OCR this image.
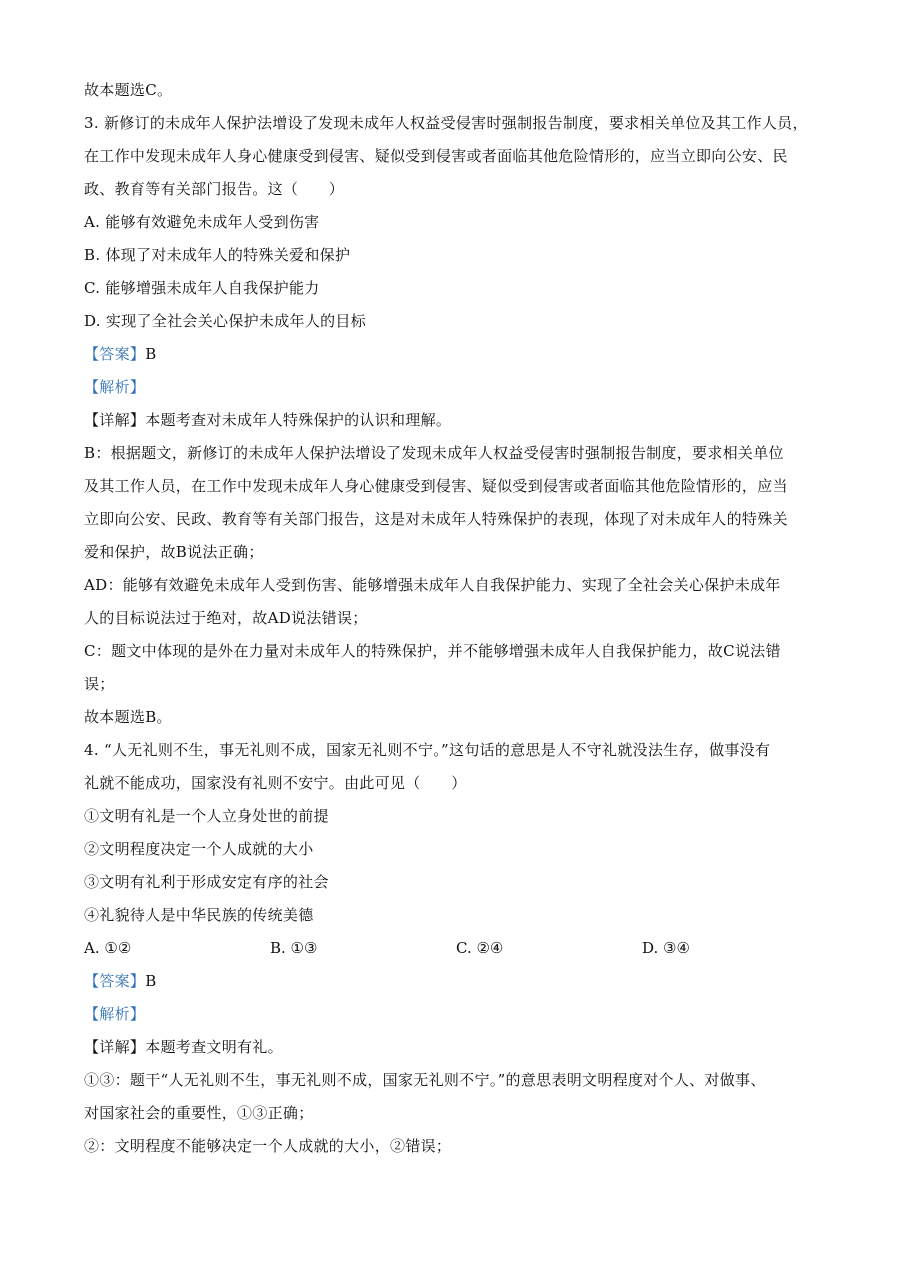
故本题选C。
3. 新修订的未成年人保护法增设了发现未成年人权益受侵害时强制报告制度，要求相关单位及其工作人员，
在工作中发现未成年人身心健康受到侵害、疑似受到侵害或者面临其他危险情形的，应当立即向公安、民
政、教育等有关部门报告。这（　　）
A. 能够有效避免未成年人受到伤害
B. 体现了对未成年人的特殊关爱和保护
C. 能够增强未成年人自我保护能力
D. 实现了全社会关心保护未成年人的目标
【答案】B
【解析】
【详解】本题考查对未成年人特殊保护的认识和理解。
B：根据题文，新修订的未成年人保护法增设了发现未成年人权益受侵害时强制报告制度，要求相关单位
及其工作人员，在工作中发现未成年人身心健康受到侵害、疑似受到侵害或者面临其他危险情形的，应当
立即向公安、民政、教育等有关部门报告，这是对未成年人特殊保护的表现，体现了对未成年人的特殊关
爱和保护，故B说法正确；
AD：能够有效避免未成年人受到伤害、能够增强未成年人自我保护能力、实现了全社会关心保护未成年
人的目标说法过于绝对，故AD说法错误；
C：题文中体现的是外在力量对未成年人的特殊保护，并不能够增强未成年人自我保护能力，故C说法错
误；
故本题选B。
4. “人无礼则不生，事无礼则不成，国家无礼则不宁。”这句话的意思是人不守礼就没法生存，做事没有
礼就不能成功，国家没有礼则不安宁。由此可见（　　）
①文明有礼是一个人立身处世的前提
②文明程度决定一个人成就的大小
③文明有礼利于形成安定有序的社会
④礼貌待人是中华民族的传统美德
A. ①②	B. ①③	C. ②④	D. ③④
【答案】B
【解析】
【详解】本题考查文明有礼。
①③：题干“人无礼则不生，事无礼则不成，国家无礼则不宁。”的意思表明文明程度对个人、对做事、
对国家社会的重要性，①③正确；
②：文明程度不能够决定一个人成就的大小，②错误；
